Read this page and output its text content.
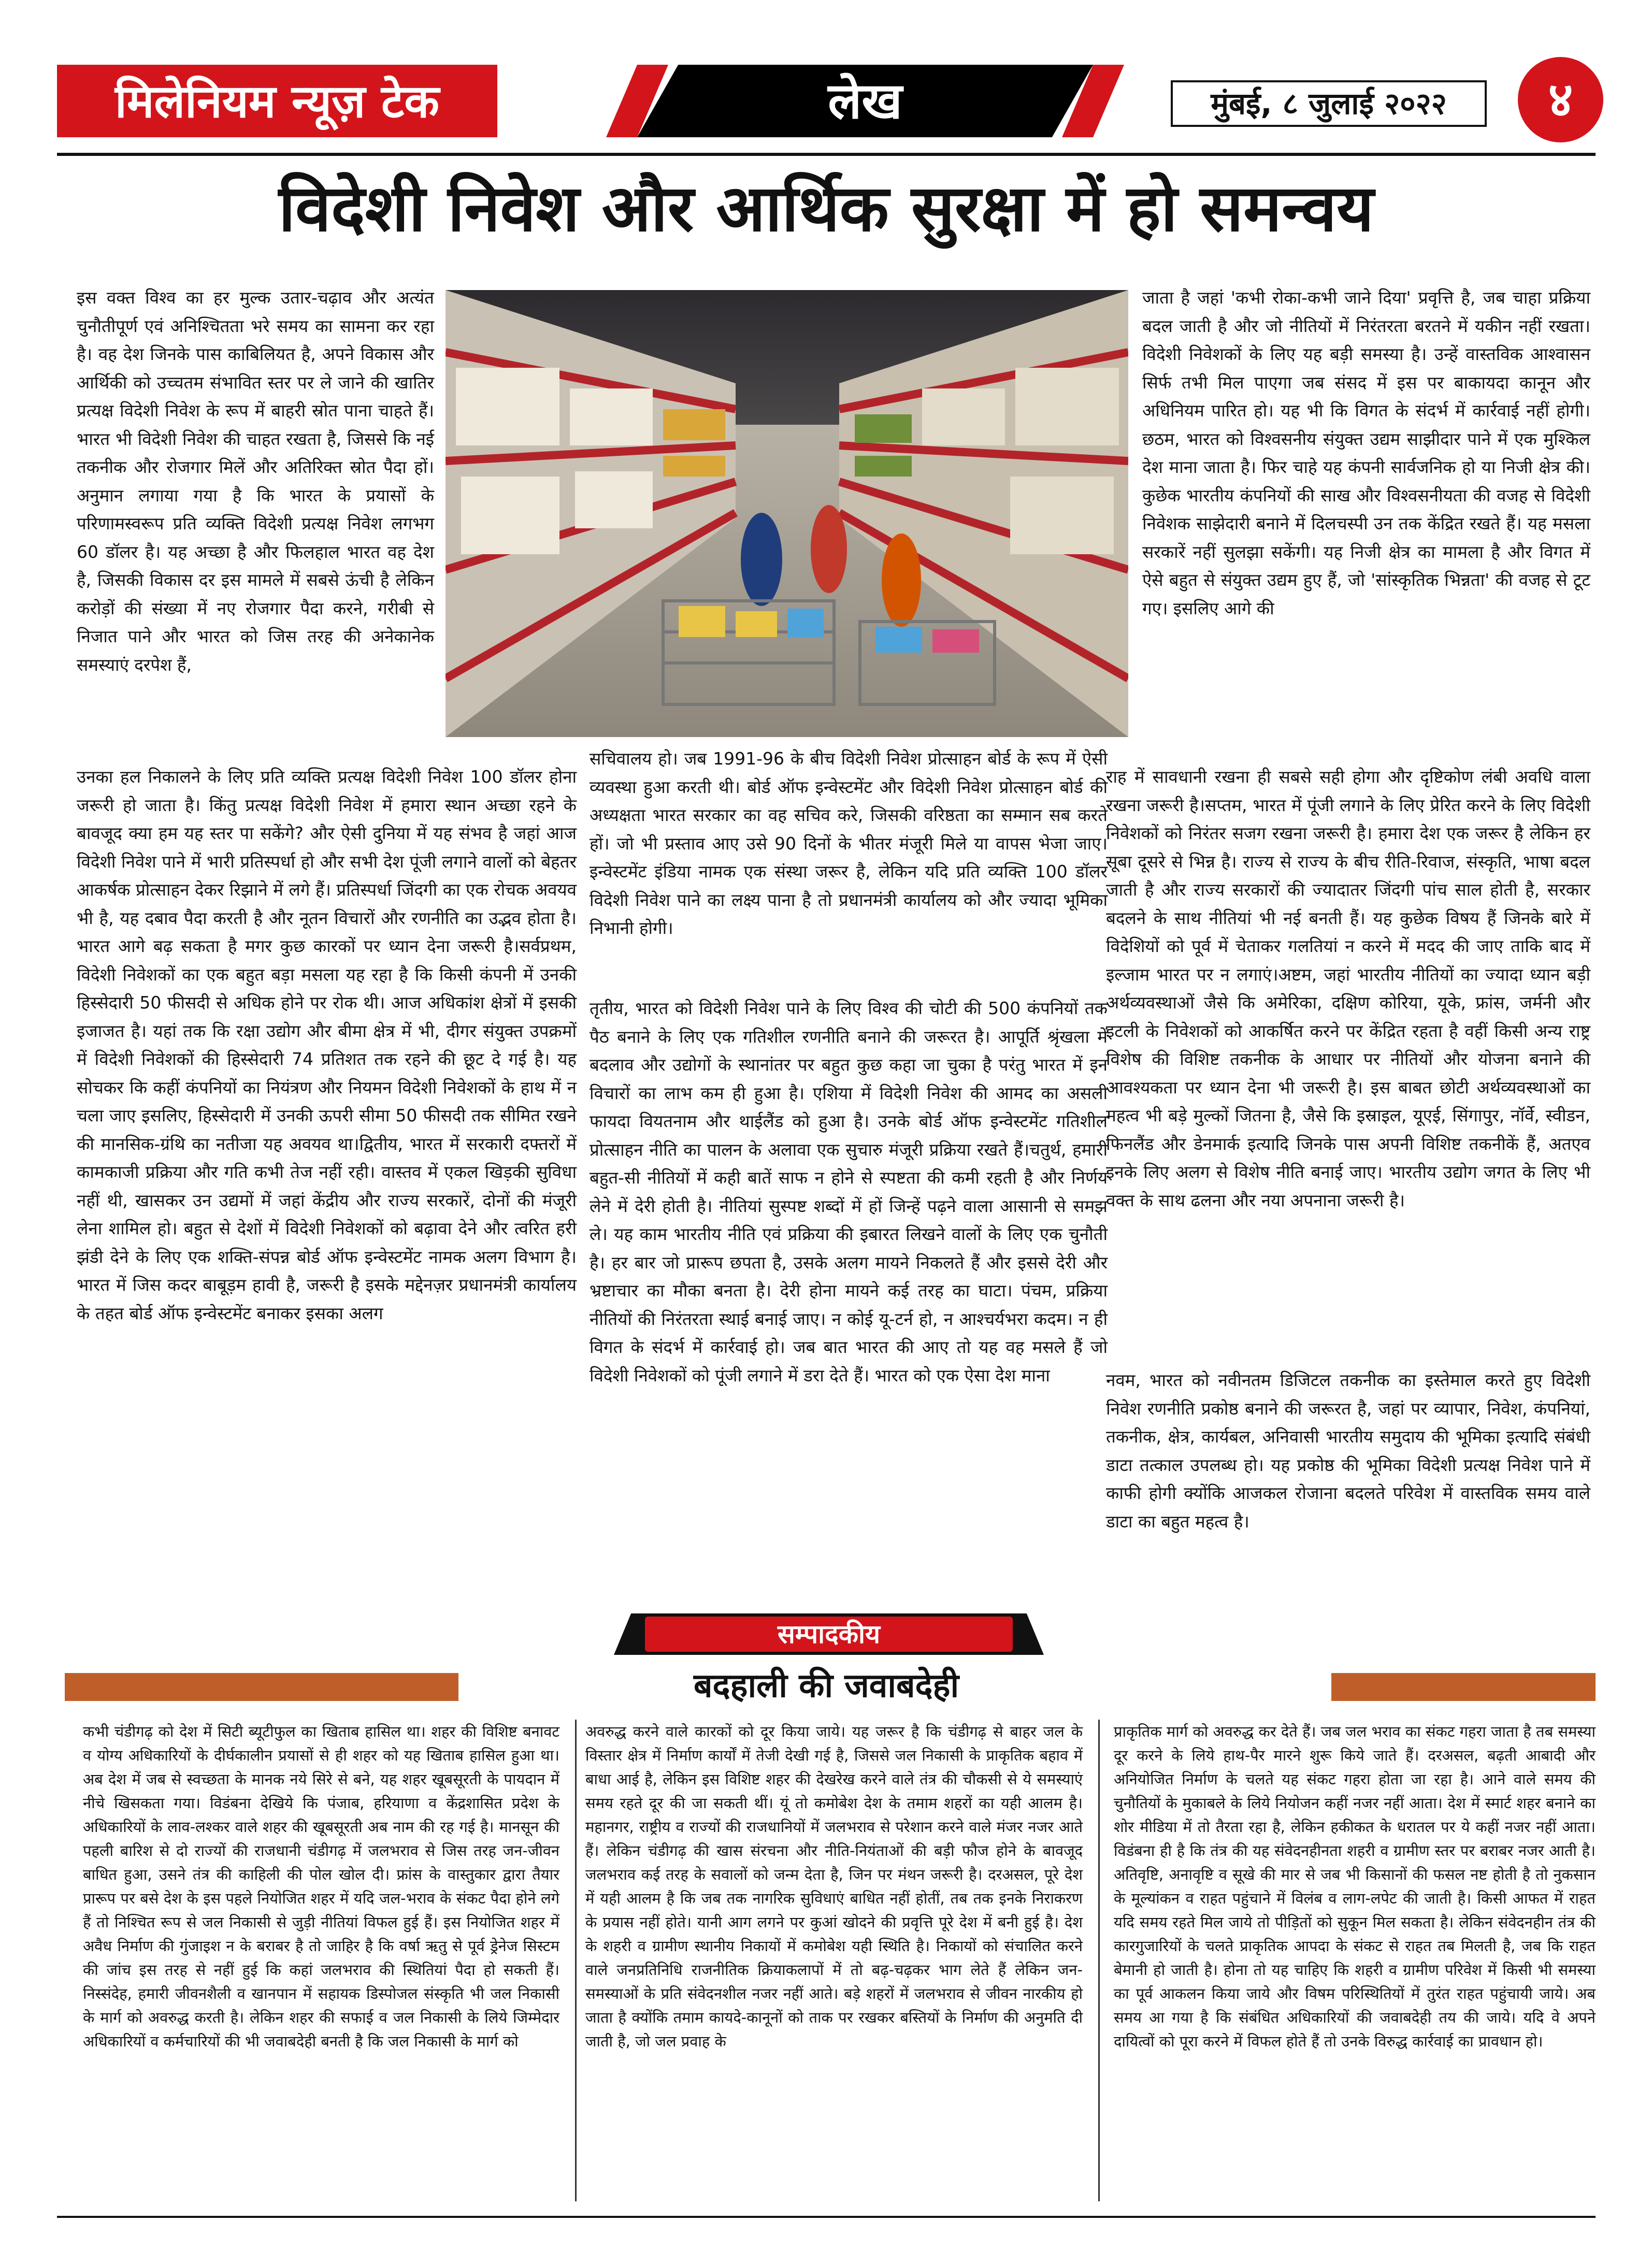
मिलेनियम न्यूज़ टेक	लेख	मुंबई, ८ जुलाई २०२२	४
विदेशी निवेश और आर्थिक सुरक्षा में हो समन्वय
इस वक्त विश्व का हर मुल्क उतार-चढ़ाव और अत्यंत चुनौतीपूर्ण एवं अनिश्चितता भरे समय का सामना कर रहा है। वह देश जिनके पास काबिलियत है, अपने विकास और आर्थिकी को उच्चतम संभावित स्तर पर ले जाने की खातिर प्रत्यक्ष विदेशी निवेश के रूप में बाहरी स्रोत पाना चाहते हैं। भारत भी विदेशी निवेश की चाहत रखता है, जिससे कि नई तकनीक और रोजगार मिलें और अतिरिक्त स्रोत पैदा हों। अनुमान लगाया गया है कि भारत के प्रयासों के परिणामस्वरूप प्रति व्यक्ति विदेशी प्रत्यक्ष निवेश लगभग 60 डॉलर है। यह अच्छा है और फिलहाल भारत वह देश है, जिसकी विकास दर इस मामले में सबसे ऊंची है लेकिन करोड़ों की संख्या में नए रोजगार पैदा करने, गरीबी से निजात पाने और भारत को जिस तरह की अनेकानेक समस्याएं दरपेश हैं,
उनका हल निकालने के लिए प्रति व्यक्ति प्रत्यक्ष विदेशी निवेश 100 डॉलर होना जरूरी हो जाता है। किंतु प्रत्यक्ष विदेशी निवेश में हमारा स्थान अच्छा रहने के बावजूद क्या हम यह स्तर पा सकेंगे? और ऐसी दुनिया में यह संभव है जहां आज विदेशी निवेश पाने में भारी प्रतिस्पर्धा हो और सभी देश पूंजी लगाने वालों को बेहतर आकर्षक प्रोत्साहन देकर रिझाने में लगे हैं। प्रतिस्पर्धा जिंदगी का एक रोचक अवयव भी है, यह दबाव पैदा करती है और नूतन विचारों और रणनीति का उद्भव होता है। भारत आगे बढ़ सकता है मगर कुछ कारकों पर ध्यान देना जरूरी है।सर्वप्रथम, विदेशी निवेशकों का एक बहुत बड़ा मसला यह रहा है कि किसी कंपनी में उनकी हिस्सेदारी 50 फीसदी से अधिक होने पर रोक थी। आज अधिकांश क्षेत्रों में इसकी इजाजत है। यहां तक कि रक्षा उद्योग और बीमा क्षेत्र में भी, दीगर संयुक्त उपक्रमों में विदेशी निवेशकों की हिस्सेदारी 74 प्रतिशत तक रहने की छूट दे गई है। यह सोचकर कि कहीं कंपनियों का नियंत्रण और नियमन विदेशी निवेशकों के हाथ में न चला जाए इसलिए, हिस्सेदारी में उनकी ऊपरी सीमा 50 फीसदी तक सीमित रखने की मानसिक-ग्रंथि का नतीजा यह अवयव था।द्वितीय, भारत में सरकारी दफ्तरों में कामकाजी प्रक्रिया और गति कभी तेज नहीं रही। वास्तव में एकल खिड़की सुविधा नहीं थी, खासकर उन उद्यमों में जहां केंद्रीय और राज्य सरकारें, दोनों की मंजूरी लेना शामिल हो। बहुत से देशों में विदेशी निवेशकों को बढ़ावा देने और त्वरित हरी झंडी देने के लिए एक शक्ति-संपन्न बोर्ड ऑफ इन्वेस्टमेंट नामक अलग विभाग है। भारत में जिस कदर बाबूड़म हावी है, जरूरी है इसके मद्देनज़र प्रधानमंत्री कार्यालय के तहत बोर्ड ऑफ इन्वेस्टमेंट बनाकर इसका अलग
सचिवालय हो। जब 1991-96 के बीच विदेशी निवेश प्रोत्साहन बोर्ड के रूप में ऐसी व्यवस्था हुआ करती थी। बोर्ड ऑफ इन्वेस्टमेंट और विदेशी निवेश प्रोत्साहन बोर्ड की अध्यक्षता भारत सरकार का वह सचिव करे, जिसकी वरिष्ठता का सम्मान सब करते हों। जो भी प्रस्ताव आए उसे 90 दिनों के भीतर मंजूरी मिले या वापस भेजा जाए। इन्वेस्टमेंट इंडिया नामक एक संस्था जरूर है, लेकिन यदि प्रति व्यक्ति 100 डॉलर विदेशी निवेश पाने का लक्ष्य पाना है तो प्रधानमंत्री कार्यालय को और ज्यादा भूमिका निभानी होगी।
तृतीय, भारत को विदेशी निवेश पाने के लिए विश्व की चोटी की 500 कंपनियों तक पैठ बनाने के लिए एक गतिशील रणनीति बनाने की जरूरत है। आपूर्ति श्रृंखला में बदलाव और उद्योगों के स्थानांतर पर बहुत कुछ कहा जा चुका है परंतु भारत में इन विचारों का लाभ कम ही हुआ है। एशिया में विदेशी निवेश की आमद का असली फायदा वियतनाम और थाईलैंड को हुआ है। उनके बोर्ड ऑफ इन्वेस्टमेंट गतिशील प्रोत्साहन नीति का पालन के अलावा एक सुचारु मंजूरी प्रक्रिया रखते हैं।चतुर्थ, हमारी बहुत-सी नीतियों में कही बातें साफ न होने से स्पष्टता की कमी रहती है और निर्णय लेने में देरी होती है। नीतियां सुस्पष्ट शब्दों में हों जिन्हें पढ़ने वाला आसानी से समझ ले। यह काम भारतीय नीति एवं प्रक्रिया की इबारत लिखने वालों के लिए एक चुनौती है। हर बार जो प्रारूप छपता है, उसके अलग मायने निकलते हैं और इससे देरी और भ्रष्टाचार का मौका बनता है। देरी होना मायने कई तरह का घाटा। पंचम, प्रक्रिया नीतियों की निरंतरता स्थाई बनाई जाए। न कोई यू-टर्न हो, न आश्चर्यभरा कदम। न ही विगत के संदर्भ में कार्रवाई हो। जब बात भारत की आए तो यह वह मसले हैं जो विदेशी निवेशकों को पूंजी लगाने में डरा देते हैं। भारत को एक ऐसा देश माना
जाता है जहां 'कभी रोका-कभी जाने दिया' प्रवृत्ति है, जब चाहा प्रक्रिया बदल जाती है और जो नीतियों में निरंतरता बरतने में यकीन नहीं रखता। विदेशी निवेशकों के लिए यह बड़ी समस्या है। उन्हें वास्तविक आश्वासन सिर्फ तभी मिल पाएगा जब संसद में इस पर बाकायदा कानून और अधिनियम पारित हो। यह भी कि विगत के संदर्भ में कार्रवाई नहीं होगी।छठम, भारत को विश्वसनीय संयुक्त उद्यम साझीदार पाने में एक मुश्किल देश माना जाता है। फिर चाहे यह कंपनी सार्वजनिक हो या निजी क्षेत्र की। कुछेक भारतीय कंपनियों की साख और विश्वसनीयता की वजह से विदेशी निवेशक साझेदारी बनाने में दिलचस्पी उन तक केंद्रित रखते हैं। यह मसला सरकारें नहीं सुलझा सकेंगी। यह निजी क्षेत्र का मामला है और विगत में ऐसे बहुत से संयुक्त उद्यम हुए हैं, जो 'सांस्कृतिक भिन्नता' की वजह से टूट गए। इसलिए आगे की
राह में सावधानी रखना ही सबसे सही होगा और दृष्टिकोण लंबी अवधि वाला रखना जरूरी है।सप्तम, भारत में पूंजी लगाने के लिए प्रेरित करने के लिए विदेशी निवेशकों को निरंतर सजग रखना जरूरी है। हमारा देश एक जरूर है लेकिन हर सूबा दूसरे से भिन्न है। राज्य से राज्य के बीच रीति-रिवाज, संस्कृति, भाषा बदल जाती है और राज्य सरकारों की ज्यादातर जिंदगी पांच साल होती है, सरकार बदलने के साथ नीतियां भी नई बनती हैं। यह कुछेक विषय हैं जिनके बारे में विदेशियों को पूर्व में चेताकर गलतियां न करने में मदद की जाए ताकि बाद में इल्जाम भारत पर न लगाएं।अष्टम, जहां भारतीय नीतियों का ज्यादा ध्यान बड़ी अर्थव्यवस्थाओं जैसे कि अमेरिका, दक्षिण कोरिया, यूके, फ्रांस, जर्मनी और इटली के निवेशकों को आकर्षित करने पर केंद्रित रहता है वहीं किसी अन्य राष्ट्र विशेष की विशिष्ट तकनीक के आधार पर नीतियों और योजना बनाने की आवश्यकता पर ध्यान देना भी जरूरी है। इस बाबत छोटी अर्थव्यवस्थाओं का महत्व भी बड़े मुल्कों जितना है, जैसे कि इस्राइल, यूएई, सिंगापुर, नॉर्वे, स्वीडन, फिनलैंड और डेनमार्क इत्यादि जिनके पास अपनी विशिष्ट तकनीकें हैं, अतएव इनके लिए अलग से विशेष नीति बनाई जाए। भारतीय उद्योग जगत के लिए भी वक्त के साथ ढलना और नया अपनाना जरूरी है।
नवम, भारत को नवीनतम डिजिटल तकनीक का इस्तेमाल करते हुए विदेशी निवेश रणनीति प्रकोष्ठ बनाने की जरूरत है, जहां पर व्यापार, निवेश, कंपनियां, तकनीक, क्षेत्र, कार्यबल, अनिवासी भारतीय समुदाय की भूमिका इत्यादि संबंधी डाटा तत्काल उपलब्ध हो। यह प्रकोष्ठ की भूमिका विदेशी प्रत्यक्ष निवेश पाने में काफी होगी क्योंकि आजकल रोजाना बदलते परिवेश में वास्तविक समय वाले डाटा का बहुत महत्व है।
सम्पादकीय
बदहाली की जवाबदेही
कभी चंडीगढ़ को देश में सिटी ब्यूटीफुल का खिताब हासिल था। शहर की विशिष्ट बनावट व योग्य अधिकारियों के दीर्घकालीन प्रयासों से ही शहर को यह खिताब हासिल हुआ था। अब देश में जब से स्वच्छता के मानक नये सिरे से बने, यह शहर खूबसूरती के पायदान में नीचे खिसकता गया। विडंबना देखिये कि पंजाब, हरियाणा व केंद्रशासित प्रदेश के अधिकारियों के लाव-लश्कर वाले शहर की खूबसूरती अब नाम की रह गई है। मानसून की पहली बारिश से दो राज्यों की राजधानी चंडीगढ़ में जलभराव से जिस तरह जन-जीवन बाधित हुआ, उसने तंत्र की काहिली की पोल खोल दी। फ्रांस के वास्तुकार द्वारा तैयार प्रारूप पर बसे देश के इस पहले नियोजित शहर में यदि जल-भराव के संकट पैदा होने लगे हैं तो निश्चित रूप से जल निकासी से जुड़ी नीतियां विफल हुई हैं। इस नियोजित शहर में अवैध निर्माण की गुंजाइश न के बराबर है तो जाहिर है कि वर्षा ऋतु से पूर्व ड्रेनेज सिस्टम की जांच इस तरह से नहीं हुई कि कहां जलभराव की स्थितियां पैदा हो सकती हैं। निस्संदेह, हमारी जीवनशैली व खानपान में सहायक डिस्पोजल संस्कृति भी जल निकासी के मार्ग को अवरुद्ध करती है। लेकिन शहर की सफाई व जल निकासी के लिये जिम्मेदार अधिकारियों व कर्मचारियों की भी जवाबदेही बनती है कि जल निकासी के मार्ग को
अवरुद्ध करने वाले कारकों को दूर किया जाये। यह जरूर है कि चंडीगढ़ से बाहर जल के विस्तार क्षेत्र में निर्माण कार्यों में तेजी देखी गई है, जिससे जल निकासी के प्राकृतिक बहाव में बाधा आई है, लेकिन इस विशिष्ट शहर की देखरेख करने वाले तंत्र की चौकसी से ये समस्याएं समय रहते दूर की जा सकती थीं। यूं तो कमोबेश देश के तमाम शहरों का यही आलम है। महानगर, राष्ट्रीय व राज्यों की राजधानियों में जलभराव से परेशान करने वाले मंजर नजर आते हैं। लेकिन चंडीगढ़ की खास संरचना और नीति-नियंताओं की बड़ी फौज होने के बावजूद जलभराव कई तरह के सवालों को जन्म देता है, जिन पर मंथन जरूरी है। दरअसल, पूरे देश में यही आलम है कि जब तक नागरिक सुविधाएं बाधित नहीं होतीं, तब तक इनके निराकरण के प्रयास नहीं होते। यानी आग लगने पर कुआं खोदने की प्रवृत्ति पूरे देश में बनी हुई है। देश के शहरी व ग्रामीण स्थानीय निकायों में कमोबेश यही स्थिति है। निकायों को संचालित करने वाले जनप्रतिनिधि राजनीतिक क्रियाकलापों में तो बढ़-चढ़कर भाग लेते हैं लेकिन जन-समस्याओं के प्रति संवेदनशील नजर नहीं आते। बड़े शहरों में जलभराव से जीवन नारकीय हो जाता है क्योंकि तमाम कायदे-कानूनों को ताक पर रखकर बस्तियों के निर्माण की अनुमति दी जाती है, जो जल प्रवाह के
प्राकृतिक मार्ग को अवरुद्ध कर देते हैं। जब जल भराव का संकट गहरा जाता है तब समस्या दूर करने के लिये हाथ-पैर मारने शुरू किये जाते हैं। दरअसल, बढ़ती आबादी और अनियोजित निर्माण के चलते यह संकट गहरा होता जा रहा है। आने वाले समय की चुनौतियों के मुकाबले के लिये नियोजन कहीं नजर नहीं आता। देश में स्मार्ट शहर बनाने का शोर मीडिया में तो तैरता रहा है, लेकिन हकीकत के धरातल पर ये कहीं नजर नहीं आता। विडंबना ही है कि तंत्र की यह संवेदनहीनता शहरी व ग्रामीण स्तर पर बराबर नजर आती है। अतिवृष्टि, अनावृष्टि व सूखे की मार से जब भी किसानों की फसल नष्ट होती है तो नुकसान के मूल्यांकन व राहत पहुंचाने में विलंब व लाग-लपेट की जाती है। किसी आफत में राहत यदि समय रहते मिल जाये तो पीड़ितों को सुकून मिल सकता है। लेकिन संवेदनहीन तंत्र की कारगुजारियों के चलते प्राकृतिक आपदा के संकट से राहत तब मिलती है, जब कि राहत बेमानी हो जाती है। होना तो यह चाहिए कि शहरी व ग्रामीण परिवेश में किसी भी समस्या का पूर्व आकलन किया जाये और विषम परिस्थितियों में तुरंत राहत पहुंचायी जाये। अब समय आ गया है कि संबंधित अधिकारियों की जवाबदेही तय की जाये। यदि वे अपने दायित्वों को पूरा करने में विफल होते हैं तो उनके विरुद्ध कार्रवाई का प्रावधान हो।
